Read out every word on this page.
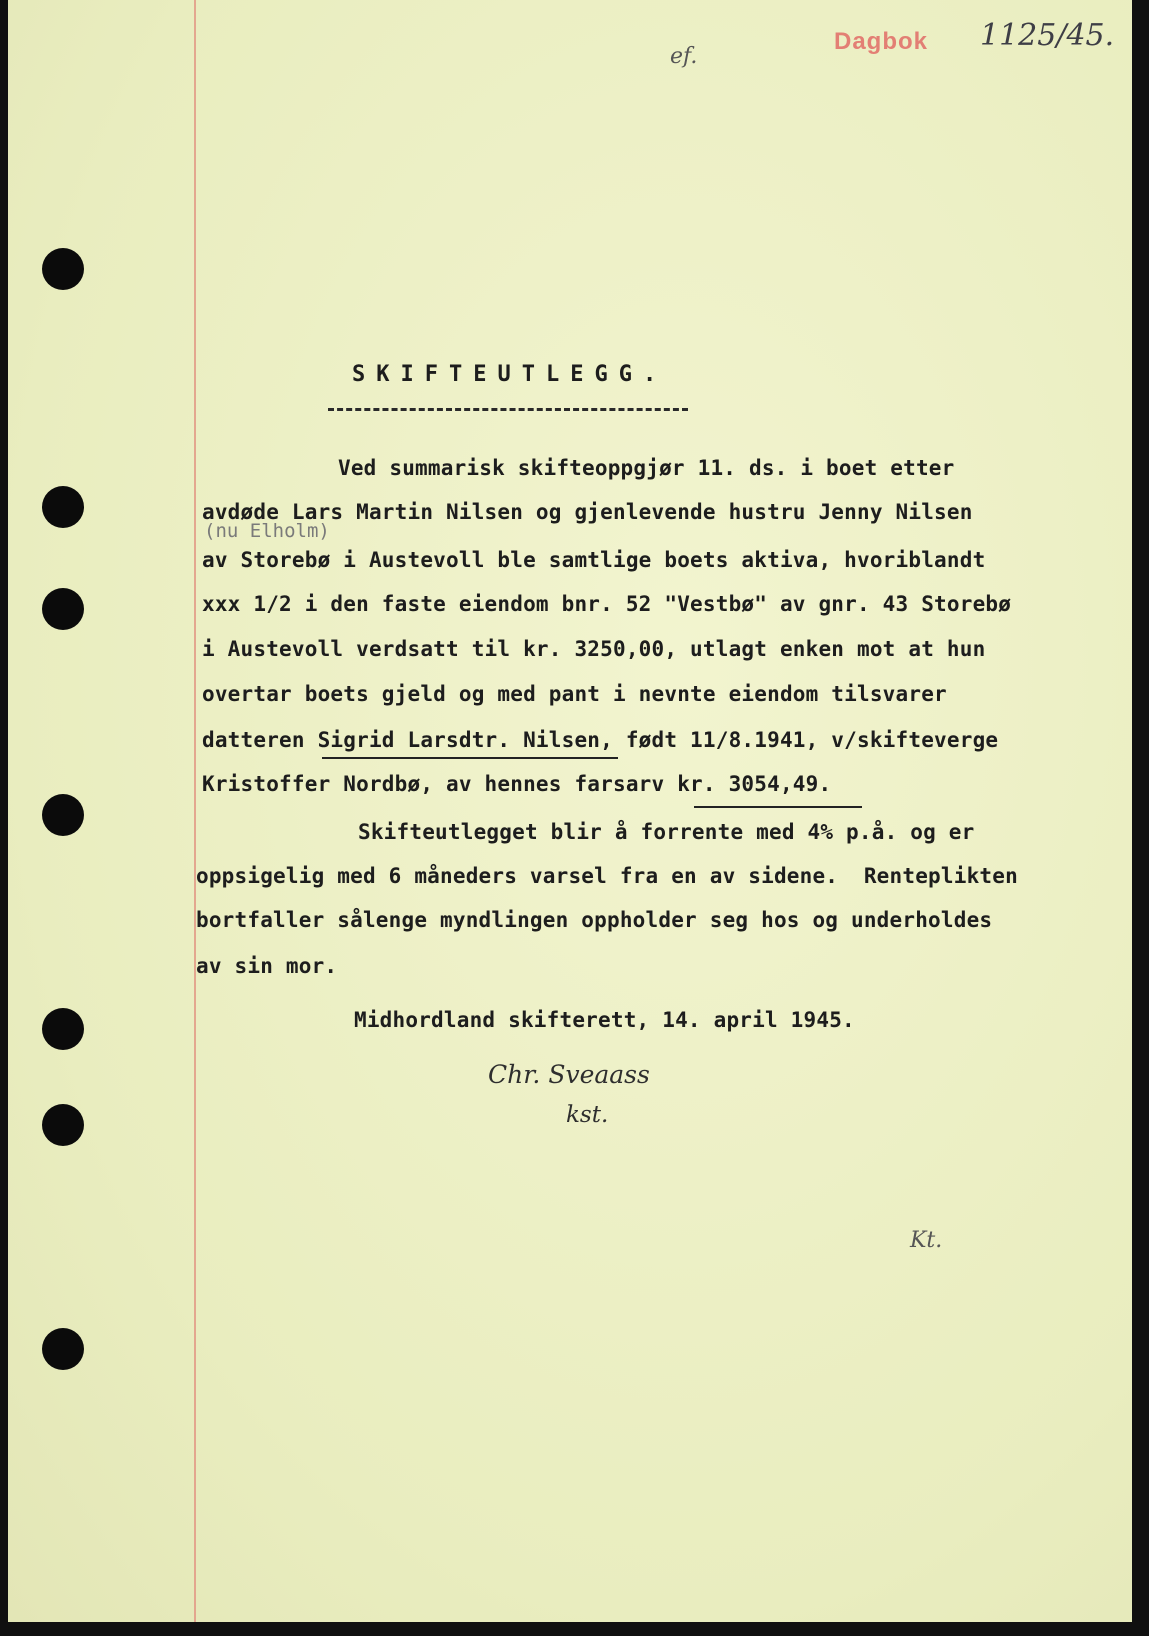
Dagbok 1125/45.
ef.
SKIFTEUTLEGG.
(nu Elholm)

Ved summarisk skifteoppgjør 11. ds. i boet etter

avdøde Lars Martin Nilsen og gjenlevende hustru Jenny Nilsen

av Storebø i Austevoll ble samtlige boets aktiva, hvoriblandt

xxx 1/2 i den faste eiendom bnr. 52 "Vestbø" av gnr. 43 Storebø

i Austevoll verdsatt til kr. 3250,00, utlagt enken mot at hun

overtar boets gjeld og med pant i nevnte eiendom tilsvarer

datteren Sigrid Larsdtr. Nilsen, født 11/8.1941, v/skifteverge

Kristoffer Nordbø, av hennes farsarv kr. 3054,49.

Skifteutlegget blir å forrente med 4% p.å. og er

oppsigelig med 6 måneders varsel fra en av sidene.  Renteplikten

bortfaller sålenge myndlingen oppholder seg hos og underholdes

av sin mor.

Midhordland skifterett, 14. april 1945.

Chr. Sveaass
kst.
Kt.
